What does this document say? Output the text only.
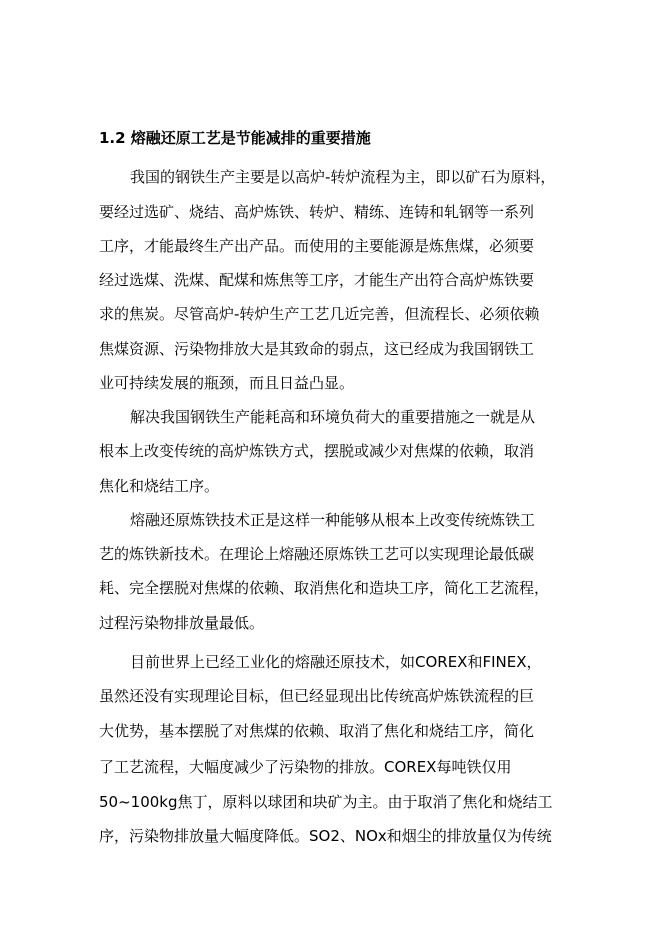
1.2 熔融还原工艺是节能减排的重要措施
我国的钢铁生产主要是以高炉-转炉流程为主，即以矿石为原料，
要经过选矿、烧结、高炉炼铁、转炉、精练、连铸和轧钢等一系列
工序，才能最终生产出产品。而使用的主要能源是炼焦煤，必须要
经过选煤、洗煤、配煤和炼焦等工序，才能生产出符合高炉炼铁要
求的焦炭。尽管高炉-转炉生产工艺几近完善，但流程长、必须依赖
焦煤资源、污染物排放大是其致命的弱点，这已经成为我国钢铁工
业可持续发展的瓶颈，而且日益凸显。
解决我国钢铁生产能耗高和环境负荷大的重要措施之一就是从
根本上改变传统的高炉炼铁方式，摆脱或减少对焦煤的依赖，取消
焦化和烧结工序。
熔融还原炼铁技术正是这样一种能够从根本上改变传统炼铁工
艺的炼铁新技术。在理论上熔融还原炼铁工艺可以实现理论最低碳
耗、完全摆脱对焦煤的依赖、取消焦化和造块工序，简化工艺流程，
过程污染物排放量最低。
目前世界上已经工业化的熔融还原技术，如COREX和FINEX，
虽然还没有实现理论目标，但已经显现出比传统高炉炼铁流程的巨
大优势，基本摆脱了对焦煤的依赖、取消了焦化和烧结工序，简化
了工艺流程，大幅度减少了污染物的排放。COREX每吨铁仅用
50~100kg焦丁，原料以球团和块矿为主。由于取消了焦化和烧结工
序，污染物排放量大幅度降低。SO2、NOx和烟尘的排放量仅为传统
